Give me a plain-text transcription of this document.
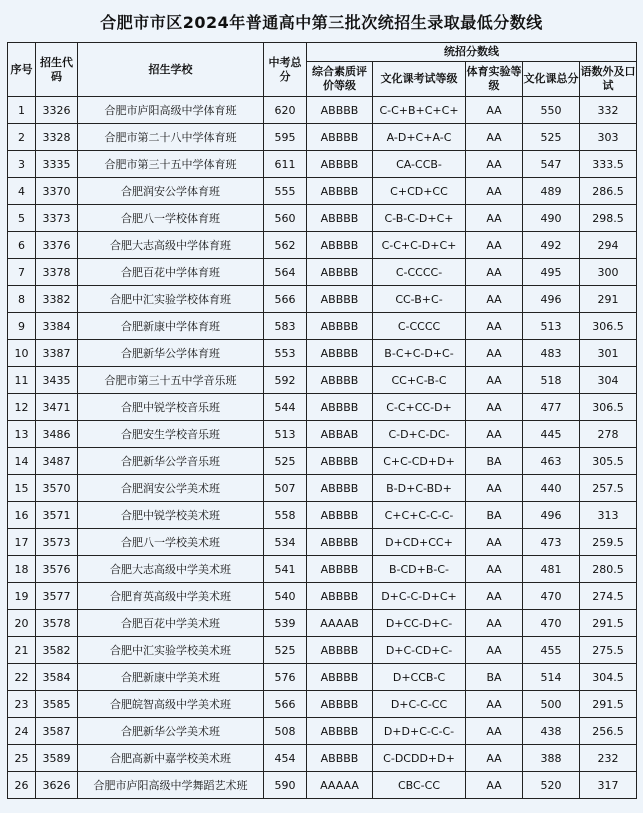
合肥市市区2024年普通高中第三批次统招生录取最低分数线
序号	招生代码	招生学校	中考总分	统招分数线				
				综合素质评价等级	文化课考试等级	体育实验等级	文化课总分	语数外及口试
1	3326	合肥市庐阳高级中学体育班	620	ABBBB	C-C+B+C+C+	AA	550	332
2	3328	合肥市第二十八中学体育班	595	ABBBB	A-D+C+A-C	AA	525	303
3	3335	合肥市第三十五中学体育班	611	ABBBB	CA-CCB-	AA	547	333.5
4	3370	合肥润安公学体育班	555	ABBBB	C+CD+CC	AA	489	286.5
5	3373	合肥八一学校体育班	560	ABBBB	C-B-C-D+C+	AA	490	298.5
6	3376	合肥大志高级中学体育班	562	ABBBB	C-C+C-D+C+	AA	492	294
7	3378	合肥百花中学体育班	564	ABBBB	C-CCCC-	AA	495	300
8	3382	合肥中汇实验学校体育班	566	ABBBB	CC-B+C-	AA	496	291
9	3384	合肥新康中学体育班	583	ABBBB	C-CCCC	AA	513	306.5
10	3387	合肥新华公学体育班	553	ABBBB	B-C+C-D+C-	AA	483	301
11	3435	合肥市第三十五中学音乐班	592	ABBBB	CC+C-B-C	AA	518	304
12	3471	合肥中锐学校音乐班	544	ABBBB	C-C+CC-D+	AA	477	306.5
13	3486	合肥安生学校音乐班	513	ABBAB	C-D+C-DC-	AA	445	278
14	3487	合肥新华公学音乐班	525	ABBBB	C+C-CD+D+	BA	463	305.5
15	3570	合肥润安公学美术班	507	ABBBB	B-D+C-BD+	AA	440	257.5
16	3571	合肥中锐学校美术班	558	ABBBB	C+C+C-C-C-	BA	496	313
17	3573	合肥八一学校美术班	534	ABBBB	D+CD+CC+	AA	473	259.5
18	3576	合肥大志高级中学美术班	541	ABBBB	B-CD+B-C-	AA	481	280.5
19	3577	合肥育英高级中学美术班	540	ABBBB	D+C-C-D+C+	AA	470	274.5
20	3578	合肥百花中学美术班	539	AAAAB	D+CC-D+C-	AA	470	291.5
21	3582	合肥中汇实验学校美术班	525	ABBBB	D+C-CD+C-	AA	455	275.5
22	3584	合肥新康中学美术班	576	ABBBB	D+CCB-C	BA	514	304.5
23	3585	合肥皖智高级中学美术班	566	ABBBB	D+C-C-CC	AA	500	291.5
24	3587	合肥新华公学美术班	508	ABBBB	D+D+C-C-C-	AA	438	256.5
25	3589	合肥高新中嘉学校美术班	454	ABBBB	C-DCDD+D+	AA	388	232
26	3626	合肥市庐阳高级中学舞蹈艺术班	590	AAAAA	CBC-CC	AA	520	317
